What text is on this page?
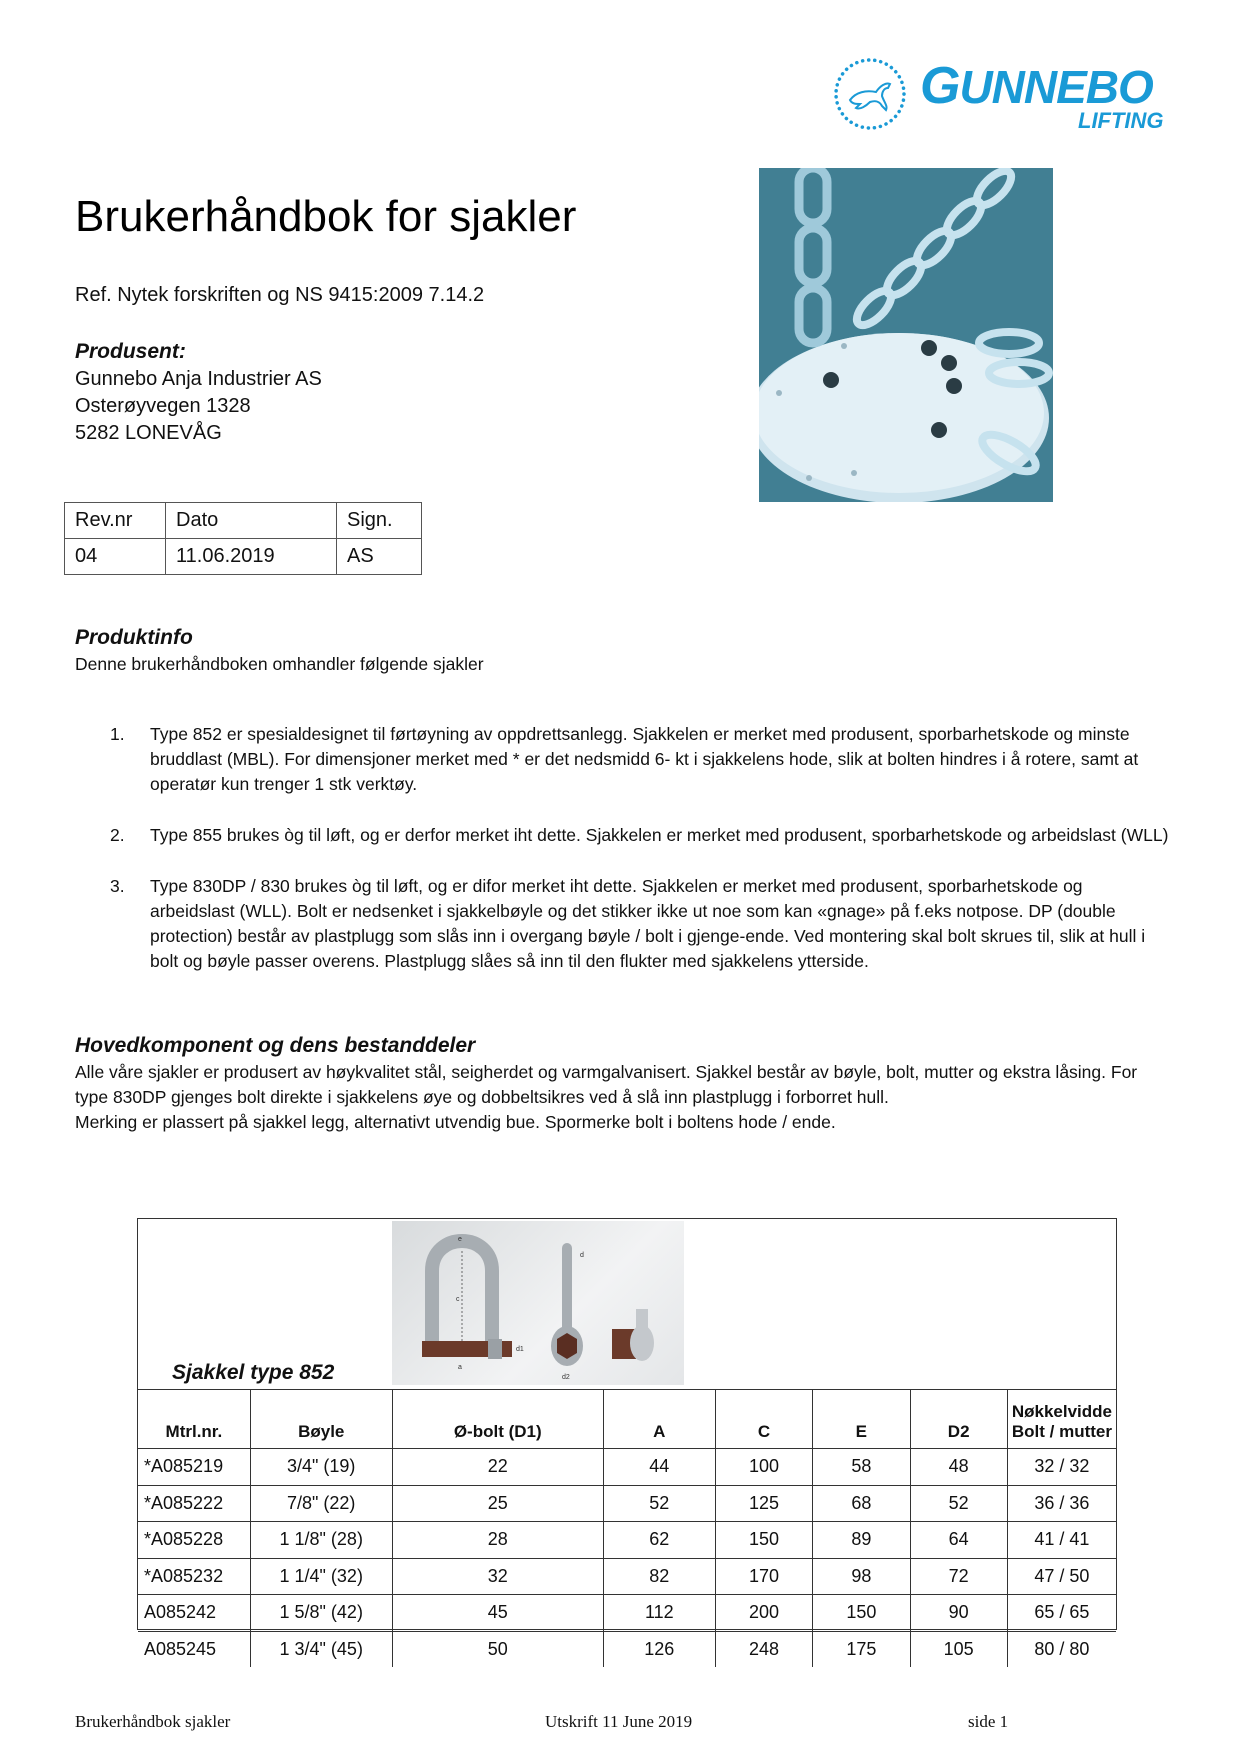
GUNNEBO
LIFTING
Brukerhåndbok for sjakler
Ref. Nytek forskriften og NS 9415:2009 7.14.2
Produsent:
Gunnebo Anja Industrier AS
Osterøyvegen 1328
5282 LONEVÅG
Rev.nr	Dato	Sign.
04	11.06.2019	AS
Produktinfo
Denne brukerhåndboken omhandler følgende sjakler
1. Type 852 er spesialdesignet til førtøyning av oppdrettsanlegg. Sjakkelen er merket med produsent, sporbarhetskode og minste bruddlast (MBL). For dimensjoner merket med * er det nedsmidd 6- kt i sjakkelens hode, slik at bolten hindres i å rotere, samt at operatør kun trenger 1 stk verktøy.
2. Type 855 brukes òg til løft, og er derfor merket iht dette. Sjakkelen er merket med produsent, sporbarhetskode og arbeidslast (WLL)
3. Type 830DP / 830 brukes òg til løft, og er difor merket iht dette. Sjakkelen er merket med produsent, sporbarhetskode og arbeidslast (WLL). Bolt er nedsenket i sjakkelbøyle og det stikker ikke ut noe som kan «gnage» på f.eks notpose. DP (double protection) består av plastplugg som slås inn i overgang bøyle / bolt i gjenge-ende. Ved montering skal bolt skrues til, slik at hull i bolt og bøyle passer overens. Plastplugg slåes så inn til den flukter med sjakkelens ytterside.
Hovedkomponent og dens bestanddeler
Alle våre sjakler er produsert av høykvalitet stål, seigherdet og varmgalvanisert. Sjakkel består av bøyle, bolt, mutter og ekstra låsing. For type 830DP gjenges bolt direkte i sjakkelens øye og dobbeltsikres ved å slå inn plastplugg i forborret hull.
Merking er plassert på sjakkel legg, alternativt utvendig bue. Spormerke bolt i boltens hode / ende.
e
c
d1
a
d
d2
Sjakkel type 852
Mtrl.nr.	Bøyle	Ø-bolt (D1)	A	C	E	D2	Nøkkelvidde
Bolt / mutter

*A085219	3/4" (19)	22	44	100	58	48	32 / 32
*A085222	7/8" (22)	25	52	125	68	52	36 / 36
*A085228	1 1/8" (28)	28	62	150	89	64	41 / 41
*A085232	1 1/4" (32)	32	82	170	98	72	47 / 50
A085242	1 5/8" (42)	45	112	200	150	90	65 / 65
A085245	1 3/4" (45)	50	126	248	175	105	80 / 80
Brukerhåndbok sjakler	Utskrift 11 June 2019	side 1
